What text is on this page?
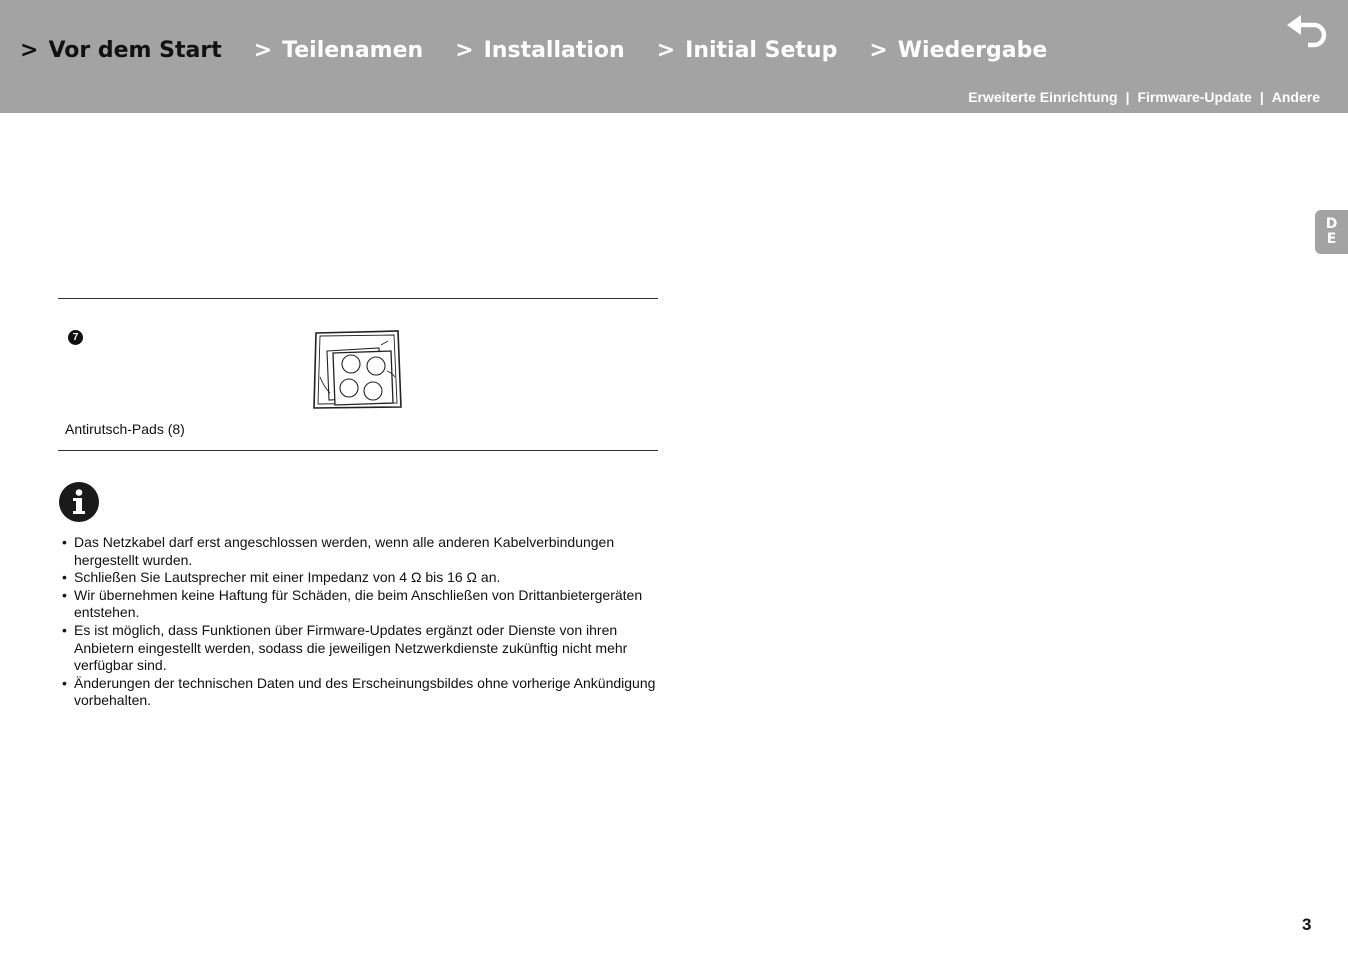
> Vor dem Start > Teilenamen > Installation > Initial Setup > Wiedergabe
Erweiterte Einrichtung | Firmware-Update | Andere
D
E
7
Antirutsch-Pads (8)
• Das Netzkabel darf erst angeschlossen werden, wenn alle anderen Kabelverbindungen hergestellt wurden.
• Schließen Sie Lautsprecher mit einer Impedanz von 4 Ω bis 16 Ω an.
• Wir übernehmen keine Haftung für Schäden, die beim Anschließen von Drittanbietergeräten entstehen.
• Es ist möglich, dass Funktionen über Firmware-Updates ergänzt oder Dienste von ihren Anbietern eingestellt werden, sodass die jeweiligen Netzwerkdienste zukünftig nicht mehr verfügbar sind.
• Änderungen der technischen Daten und des Erscheinungsbildes ohne vorherige Ankündigung vorbehalten.
3
